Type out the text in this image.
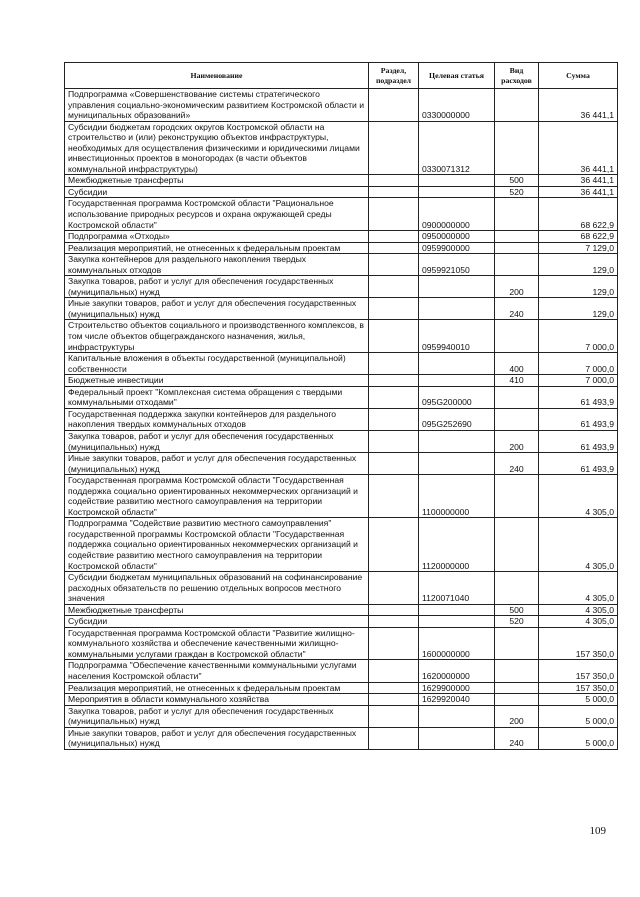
Наименование	Раздел, подраздел	Целевая статья	Вид расходов	Сумма
Подпрограмма «Совершенствование системы стратегического управления социально-экономическим развитием Костромской области и муниципальных образований»		0330000000		36 441,1
Субсидии бюджетам городских округов Костромской области на строительство и (или) реконструкцию объектов инфраструктуры, необходимых для осуществления физическими и юридическими лицами инвестиционных проектов в моногородах (в части объектов коммунальной инфраструктуры)		0330071312		36 441,1
Межбюджетные трансферты			500	36 441,1
Субсидии			520	36 441,1
Государственная программа Костромской области "Рациональное использование природных ресурсов и охрана окружающей среды Костромской области"		0900000000		68 622,9
Подпрограмма «Отходы»		0950000000		68 622,9
Реализация мероприятий, не отнесенных к федеральным проектам		0959900000		7 129,0
Закупка контейнеров для раздельного накопления твердых коммунальных отходов		0959921050		129,0
Закупка товаров, работ и услуг для обеспечения государственных (муниципальных) нужд			200	129,0
Иные закупки товаров, работ и услуг для обеспечения государственных (муниципальных) нужд			240	129,0
Строительство объектов социального и производственного комплексов, в том числе объектов общегражданского назначения, жилья, инфраструктуры		0959940010		7 000,0
Капитальные вложения в объекты государственной (муниципальной) собственности			400	7 000,0
Бюджетные инвестиции			410	7 000,0
Федеральный проект "Комплексная система обращения с твердыми коммунальными отходами"		095G200000		61 493,9
Государственная поддержка закупки контейнеров для раздельного накопления твердых коммунальных отходов		095G252690		61 493,9
Закупка товаров, работ и услуг для обеспечения государственных (муниципальных) нужд			200	61 493,9
Иные закупки товаров, работ и услуг для обеспечения государственных (муниципальных) нужд			240	61 493,9
Государственная программа Костромской области "Государственная поддержка социально ориентированных некоммерческих организаций и содействие развитию местного самоуправления на территории Костромской области"		1100000000		4 305,0
Подпрограмма "Содействие развитию местного самоуправления" государственной программы Костромской области "Государственная поддержка социально ориентированных некоммерческих организаций и содействие развитию местного самоуправления на территории Костромской области"		1120000000		4 305,0
Субсидии бюджетам муниципальных образований на софинансирование расходных обязательств по решению отдельных вопросов местного значения		1120071040		4 305,0
Межбюджетные трансферты			500	4 305,0
Субсидии			520	4 305,0
Государственная программа Костромской области "Развитие жилищно-коммунального хозяйства и обеспечение качественными жилищно-коммунальными услугами граждан в Костромской области"		1600000000		157 350,0
Подпрограмма "Обеспечение качественными коммунальными услугами населения Костромской области"		1620000000		157 350,0
Реализация мероприятий, не отнесенных к федеральным проектам		1629900000		157 350,0
Мероприятия в области коммунального хозяйства		1629920040		5 000,0
Закупка товаров, работ и услуг для обеспечения государственных (муниципальных) нужд			200	5 000,0
Иные закупки товаров, работ и услуг для обеспечения государственных (муниципальных) нужд			240	5 000,0
109
